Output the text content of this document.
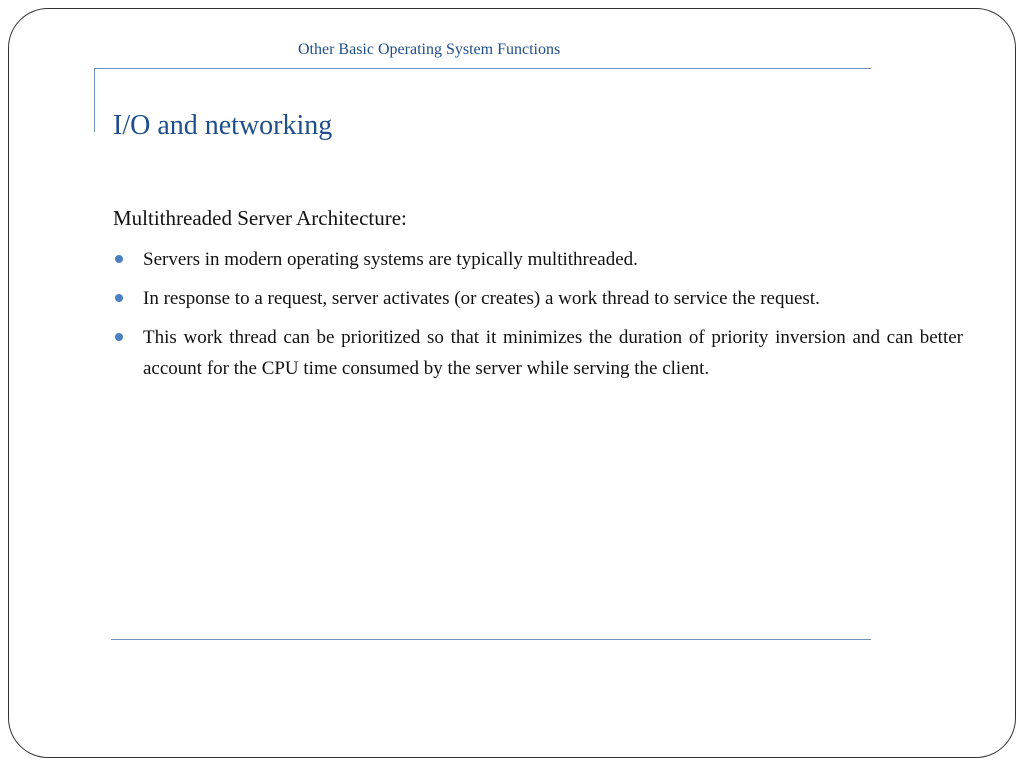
Other Basic Operating System Functions
I/O and networking

Multithreaded Server Architecture:

Servers in modern operating systems are typically multithreaded.
In response to a request, server activates (or creates) a work thread to service the request.
This work thread can be prioritized so that it minimizes the duration of priority inversion and can better account for the CPU time consumed by the server while serving the client.
